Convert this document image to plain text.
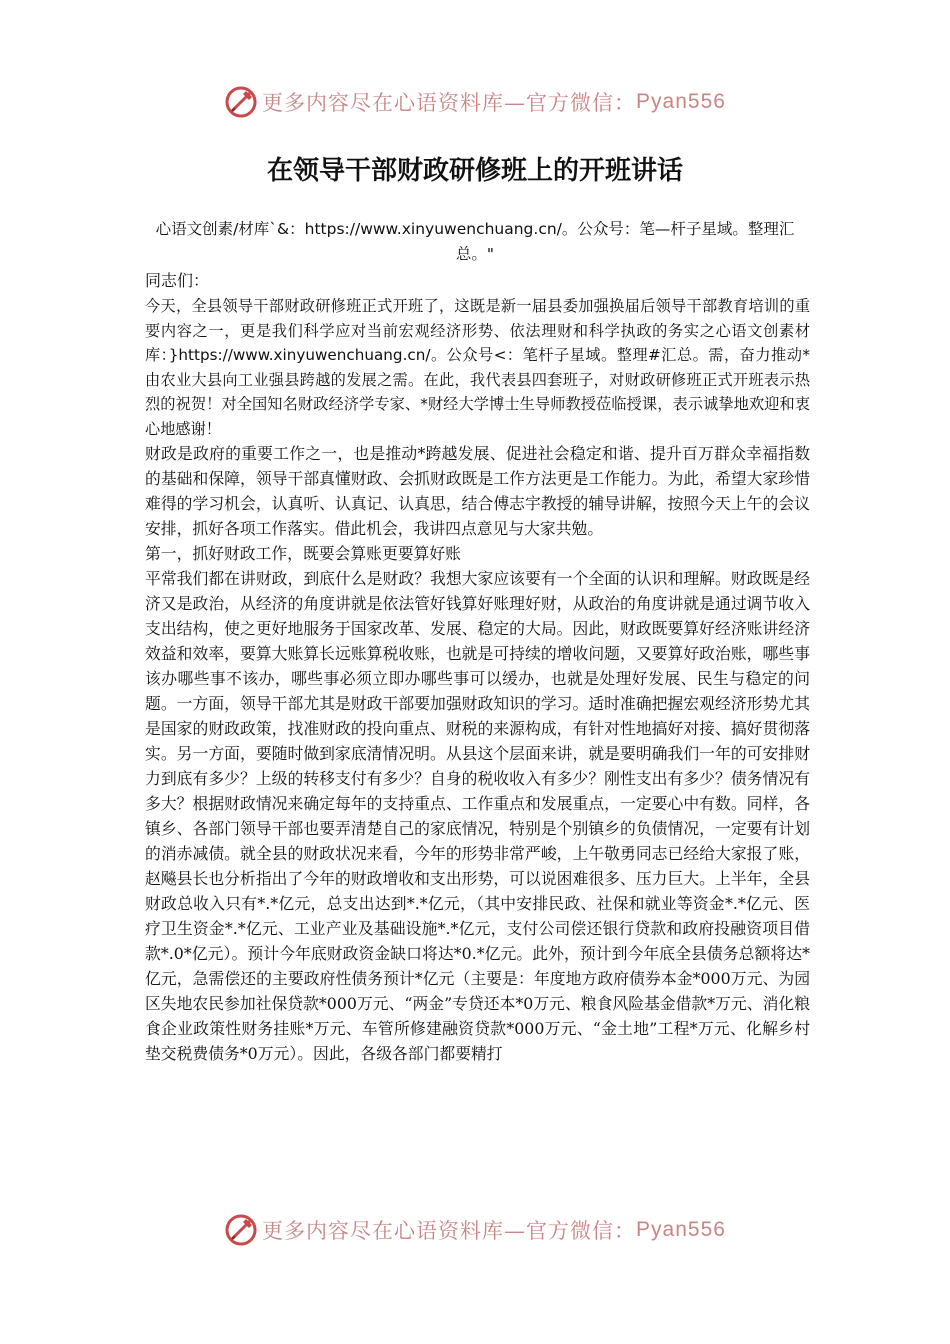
更多内容尽在心语资料库—官方微信： Pyan556
在领导干部财政研修班上的开班讲话
心语文创素/材库`&：https://www.xinyuwenchuang.cn/。公众号：笔—杆子星域。整理汇总。"

同志们：

今天，全县领导干部财政研修班正式开班了，这既是新一届县委加强换届后领导干部教育培训的重要内容之一，更是我们科学应对当前宏观经济形势、依法理财和科学执政的务实之心语文创素材库：}https://www.xinyuwenchuang.cn/。公众号<：笔杆子星域。整理#汇总。需，奋力推动*由农业大县向工业强县跨越的发展之需。在此，我代表县四套班子，对财政研修班正式开班表示热烈的祝贺！对全国知名财政经济学专家、*财经大学博士生导师教授莅临授课，表示诚挚地欢迎和衷心地感谢！

财政是政府的重要工作之一，也是推动*跨越发展、促进社会稳定和谐、提升百万群众幸福指数的基础和保障，领导干部真懂财政、会抓财政既是工作方法更是工作能力。为此，希望大家珍惜难得的学习机会，认真听、认真记、认真思，结合傅志宇教授的辅导讲解，按照今天上午的会议安排，抓好各项工作落实。借此机会，我讲四点意见与大家共勉。

第一，抓好财政工作，既要会算账更要算好账

平常我们都在讲财政，到底什么是财政？我想大家应该要有一个全面的认识和理解。财政既是经济又是政治，从经济的角度讲就是依法管好钱算好账理好财，从政治的角度讲就是通过调节收入支出结构，使之更好地服务于国家改革、发展、稳定的大局。因此，财政既要算好经济账讲经济效益和效率，要算大账算长远账算税收账，也就是可持续的增收问题，又要算好政治账，哪些事该办哪些事不该办，哪些事必须立即办哪些事可以缓办，也就是处理好发展、民生与稳定的问题。一方面，领导干部尤其是财政干部要加强财政知识的学习。适时准确把握宏观经济形势尤其是国家的财政政策，找准财政的投向重点、财税的来源构成，有针对性地搞好对接、搞好贯彻落实。另一方面，要随时做到家底清情况明。从县这个层面来讲，就是要明确我们一年的可安排财力到底有多少？上级的转移支付有多少？自身的税收收入有多少？刚性支出有多少？债务情况有多大？根据财政情况来确定每年的支持重点、工作重点和发展重点，一定要心中有数。同样，各镇乡、各部门领导干部也要弄清楚自己的家底情况，特别是个别镇乡的负债情况，一定要有计划的消赤减债。就全县的财政状况来看，今年的形势非常严峻，上午敬勇同志已经给大家报了账，赵飚县长也分析指出了今年的财政增收和支出形势，可以说困难很多、压力巨大。上半年，全县财政总收入只有*.*亿元，总支出达到*.*亿元，（其中安排民政、社保和就业等资金*.*亿元、医疗卫生资金*.*亿元、工业产业及基础设施*.*亿元，支付公司偿还银行贷款和政府投融资项目借款*.0*亿元）。预计今年底财政资金缺口将达*0.*亿元。此外，预计到今年底全县债务总额将达*亿元，急需偿还的主要政府性债务预计*亿元（主要是：年度地方政府债券本金*000万元、为园区失地农民参加社保贷款*000万元、“两金”专贷还本*0万元、粮食风险基金借款*万元、消化粮食企业政策性财务挂账*万元、车管所修建融资贷款*000万元、“金土地”工程*万元、化解乡村垫交税费债务*0万元）。因此，各级各部门都要精打

更多内容尽在心语资料库—官方微信： Pyan556
